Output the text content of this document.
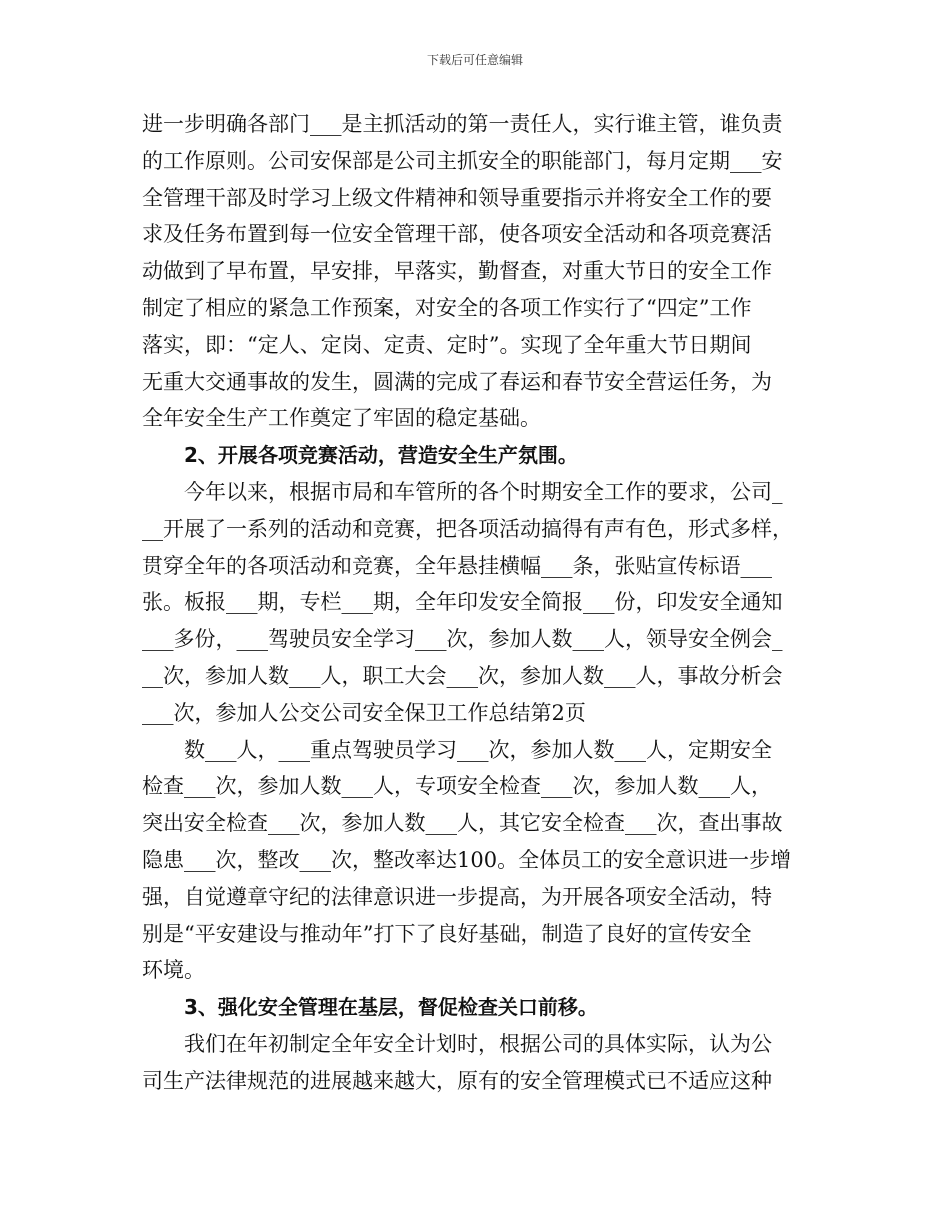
下载后可任意编辑
进一步明确各部门___是主抓活动的第一责任人，实行谁主管，谁负责
的工作原则。公司安保部是公司主抓安全的职能部门，每月定期___安
全管理干部及时学习上级文件精神和领导重要指示并将安全工作的要
求及任务布置到每一位安全管理干部，使各项安全活动和各项竞赛活
动做到了早布置，早安排，早落实，勤督查，对重大节日的安全工作
制定了相应的紧急工作预案，对安全的各项工作实行了“四定”工作
落实，即：“定人、定岗、定责、定时”。实现了全年重大节日期间
无重大交通事故的发生，圆满的完成了春运和春节安全营运任务，为
全年安全生产工作奠定了牢固的稳定基础。
2、开展各项竞赛活动，营造安全生产氛围。
今年以来，根据市局和车管所的各个时期安全工作的要求，公司_
__开展了一系列的活动和竞赛，把各项活动搞得有声有色，形式多样，
贯穿全年的各项活动和竞赛，全年悬挂横幅___条，张贴宣传标语___
张。板报___期，专栏___期，全年印发安全简报___份，印发安全通知
___多份，___驾驶员安全学习___次，参加人数___人，领导安全例会_
__次，参加人数___人，职工大会___次，参加人数___人，事故分析会
___次，参加人公交公司安全保卫工作总结第2页
数___人，___重点驾驶员学习___次，参加人数___人，定期安全
检查___次，参加人数___人，专项安全检查___次，参加人数___人，
突出安全检查___次，参加人数___人，其它安全检查___次，查出事故
隐患___次，整改___次，整改率达100。全体员工的安全意识进一步增
强，自觉遵章守纪的法律意识进一步提高，为开展各项安全活动，特
别是“平安建设与推动年”打下了良好基础，制造了良好的宣传安全
环境。
3、强化安全管理在基层，督促检查关口前移。
我们在年初制定全年安全计划时，根据公司的具体实际，认为公
司生产法律规范的进展越来越大，原有的安全管理模式已不适应这种
